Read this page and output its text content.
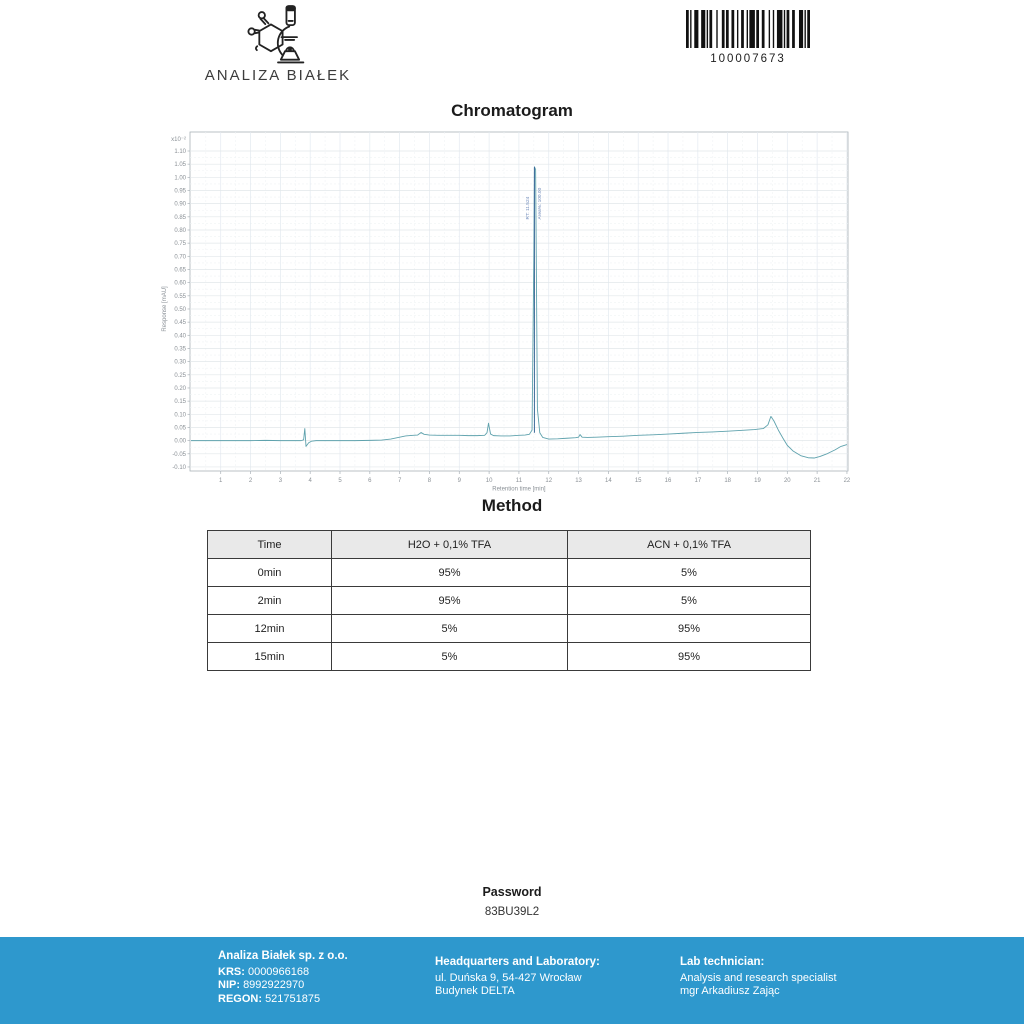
ANALIZA BIAŁEK
100007673
Chromatogram
-0.10
-0.05
0.00
0.05
0.10
0.15
0.20
0.25
0.30
0.35
0.40
0.45
0.50
0.55
0.60
0.65
0.70
0.75
0.80
0.85
0.90
0.95
1.00
1.05
1.10
1	2	3	4	5	6	7	8	9	10	11	12	13	14	15	16	17	18	19	20	21	22
x10⁻²
Retention time [min]
Response [mAU]
RT: 11.524 Area%: 100.00
Method
Time	H2O + 0,1% TFA	ACN + 0,1% TFA
0min	95%	5%
2min	95%	5%
12min	5%	95%
15min	5%	95%
Password
83BU39L2
Analiza Białek sp. z o.o.
KRS: 0000966168
NIP: 8992922970
REGON: 521751875
Headquarters and Laboratory:
ul. Duńska 9, 54-427 Wrocław
Budynek DELTA
Lab technician:
Analysis and research specialist
mgr Arkadiusz Zając
